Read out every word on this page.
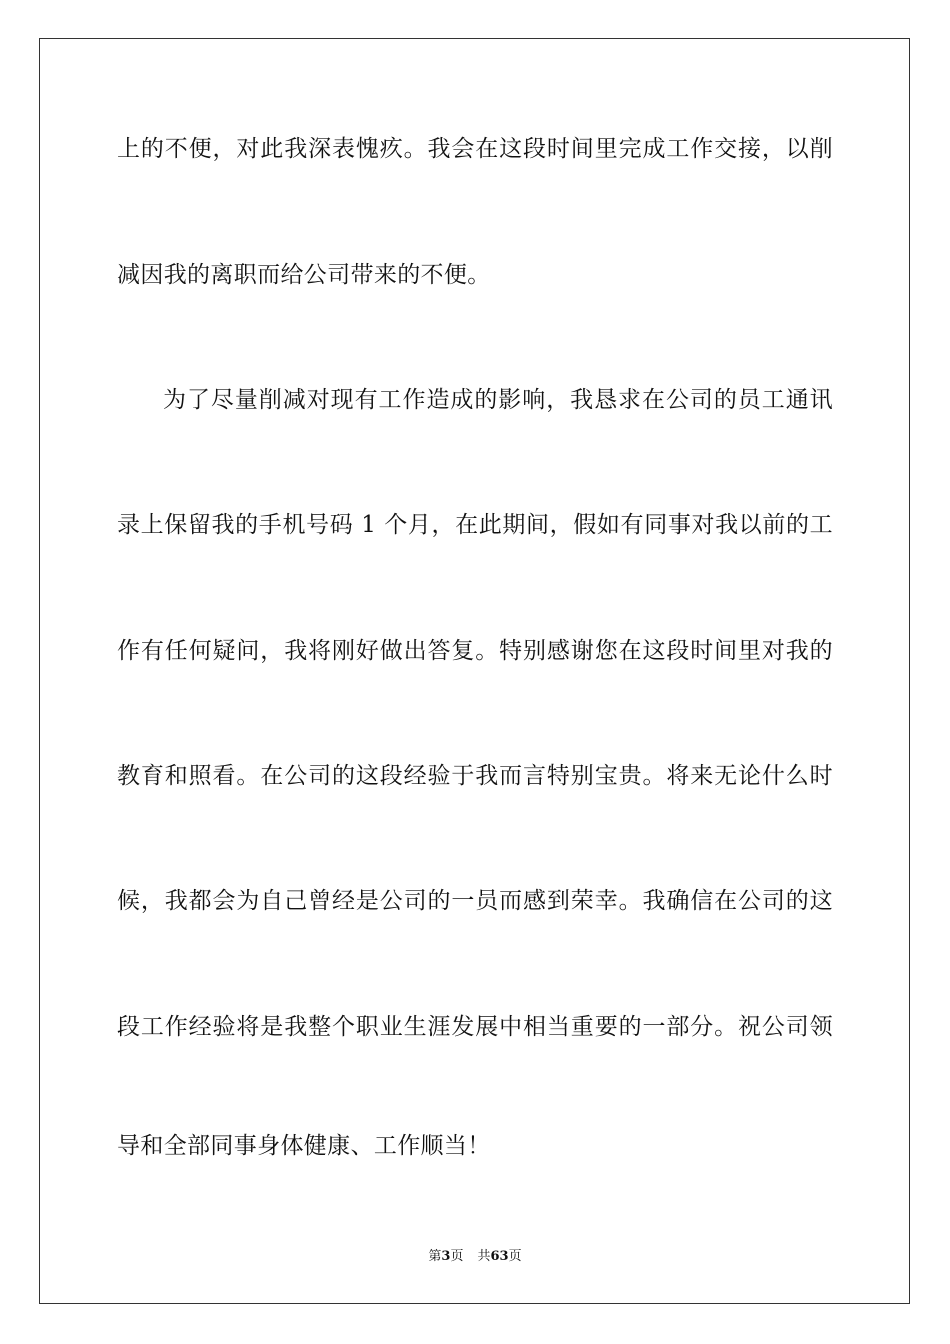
上的不便，对此我深表愧疚。我会在这段时间里完成工作交接，以削
减因我的离职而给公司带来的不便。
为了尽量削减对现有工作造成的影响，我恳求在公司的员工通讯
录上保留我的手机号码 1 个月，在此期间，假如有同事对我以前的工
作有任何疑问，我将刚好做出答复。特别感谢您在这段时间里对我的
教育和照看。在公司的这段经验于我而言特别宝贵。将来无论什么时
候，我都会为自己曾经是公司的一员而感到荣幸。我确信在公司的这
段工作经验将是我整个职业生涯发展中相当重要的一部分。祝公司领
导和全部同事身体健康、工作顺当！
第3页 共63页
